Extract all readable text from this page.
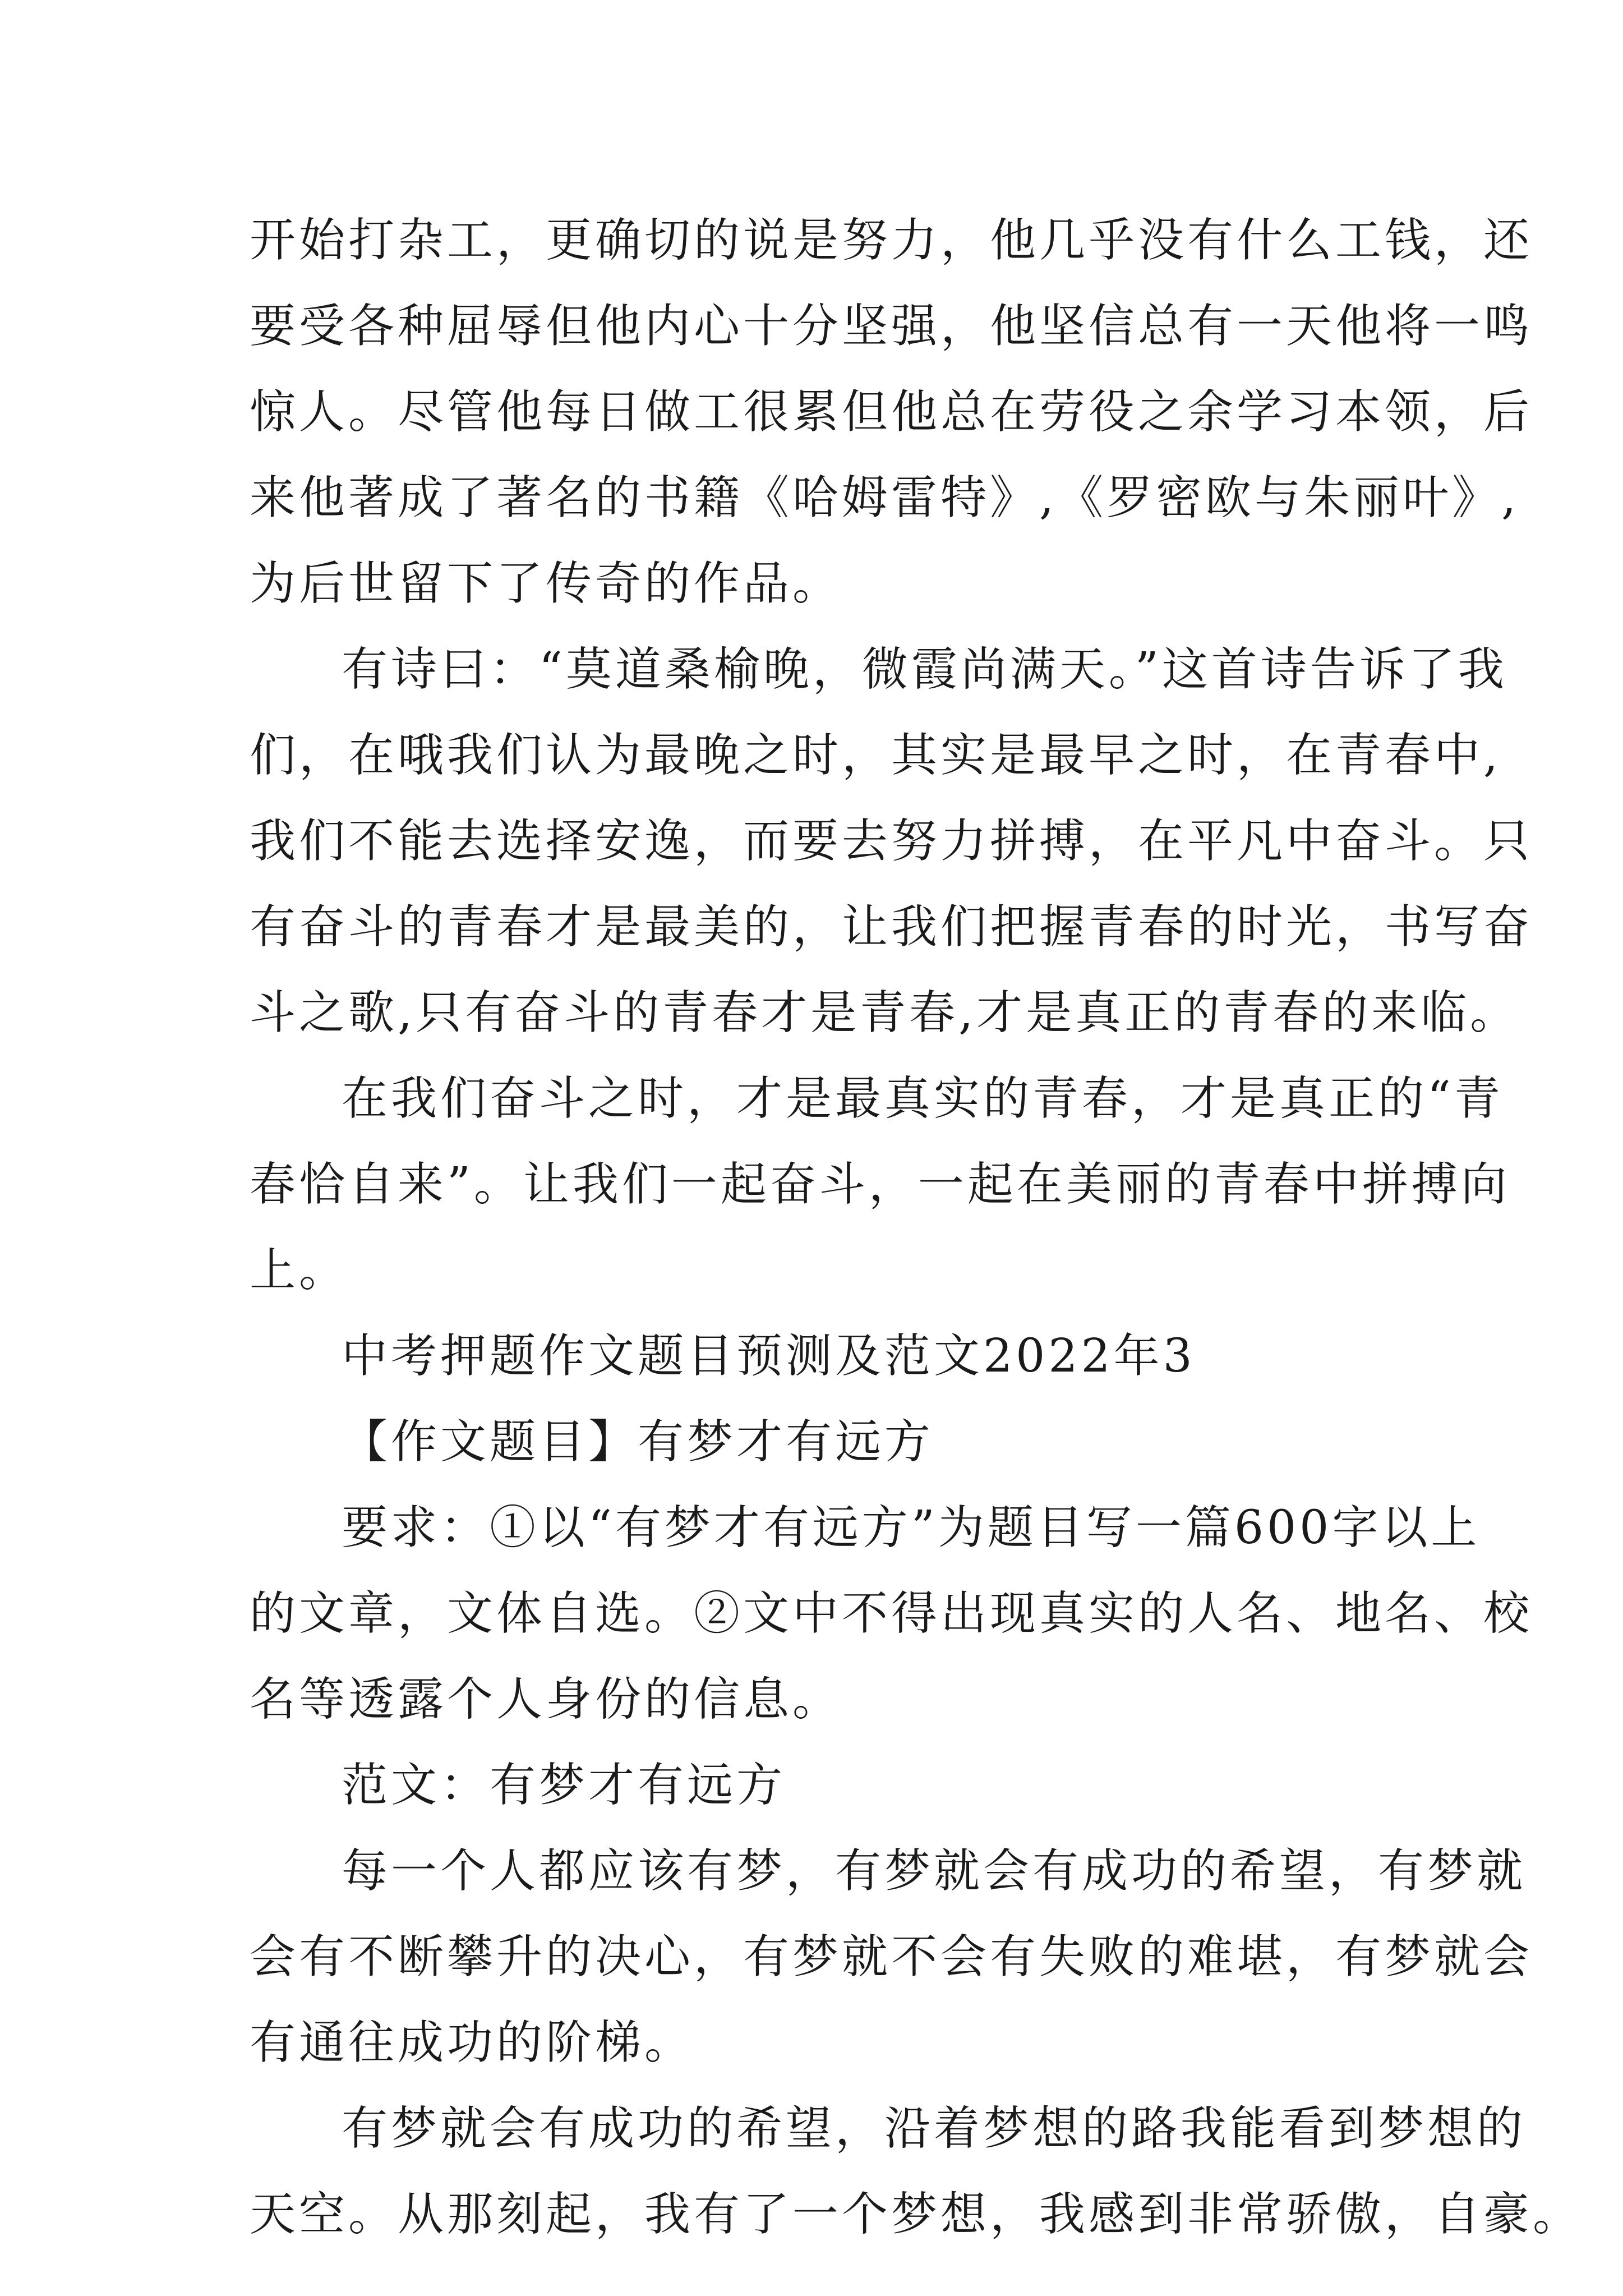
开始打杂工，更确切的说是努力，他几乎没有什么工钱，还
要受各种屈辱但他内心十分坚强，他坚信总有一天他将一鸣
惊人。尽管他每日做工很累但他总在劳役之余学习本领，后
来他著成了著名的书籍《哈姆雷特》,《罗密欧与朱丽叶》,
为后世留下了传奇的作品。
有诗曰：“莫道桑榆晚，微霞尚满天。”这首诗告诉了我
们，在哦我们认为最晚之时，其实是最早之时，在青春中,
我们不能去选择安逸，而要去努力拼搏，在平凡中奋斗。只
有奋斗的青春才是最美的，让我们把握青春的时光，书写奋
斗之歌,只有奋斗的青春才是青春,才是真正的青春的来临。
在我们奋斗之时，才是最真实的青春，才是真正的“青
春恰自来”。让我们一起奋斗，一起在美丽的青春中拼搏向
上。
中考押题作文题目预测及范文2022年3
【作文题目】有梦才有远方
要求：①以“有梦才有远方”为题目写一篇600字以上
的文章，文体自选。②文中不得出现真实的人名、地名、校
名等透露个人身份的信息。
范文：有梦才有远方
每一个人都应该有梦，有梦就会有成功的希望，有梦就
会有不断攀升的决心，有梦就不会有失败的难堪，有梦就会
有通往成功的阶梯。
有梦就会有成功的希望，沿着梦想的路我能看到梦想的
天空。从那刻起，我有了一个梦想，我感到非常骄傲，自豪。
